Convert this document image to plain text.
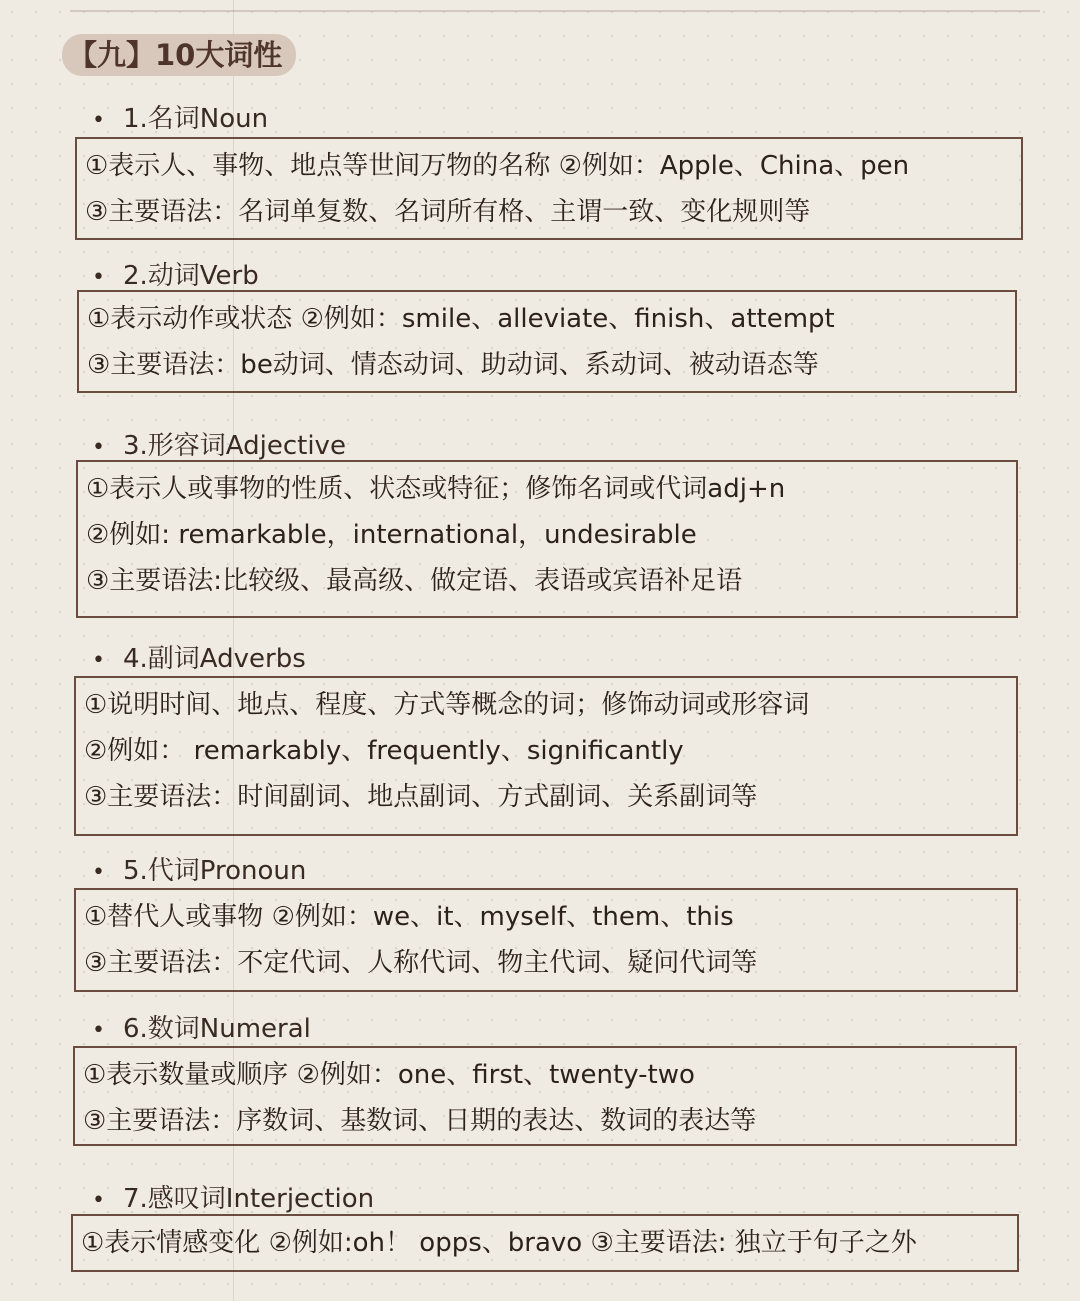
【九】10大词性
• 1.名词Noun
①表示人、事物、地点等世间万物的名称 ②例如：Apple、China、pen
③主要语法：名词单复数、名词所有格、主谓一致、变化规则等
• 2.动词Verb
①表示动作或状态 ②例如：smile、alleviate、finish、attempt
③主要语法：be动词、情态动词、助动词、系动词、被动语态等
• 3.形容词Adjective
①表示人或事物的性质、状态或特征；修饰名词或代词adj+n
②例如: remarkable，international，undesirable
③主要语法:比较级、最高级、做定语、表语或宾语补足语
• 4.副词Adverbs
①说明时间、地点、程度、方式等概念的词；修饰动词或形容词
②例如： remarkably、frequently、significantly
③主要语法：时间副词、地点副词、方式副词、关系副词等
• 5.代词Pronoun
①替代人或事物 ②例如：we、it、myself、them、this
③主要语法：不定代词、人称代词、物主代词、疑问代词等
• 6.数词Numeral
①表示数量或顺序 ②例如：one、first、twenty-two
③主要语法：序数词、基数词、日期的表达、数词的表达等
• 7.感叹词Interjection
①表示情感变化 ②例如:oh！ opps、bravo ③主要语法: 独立于句子之外
